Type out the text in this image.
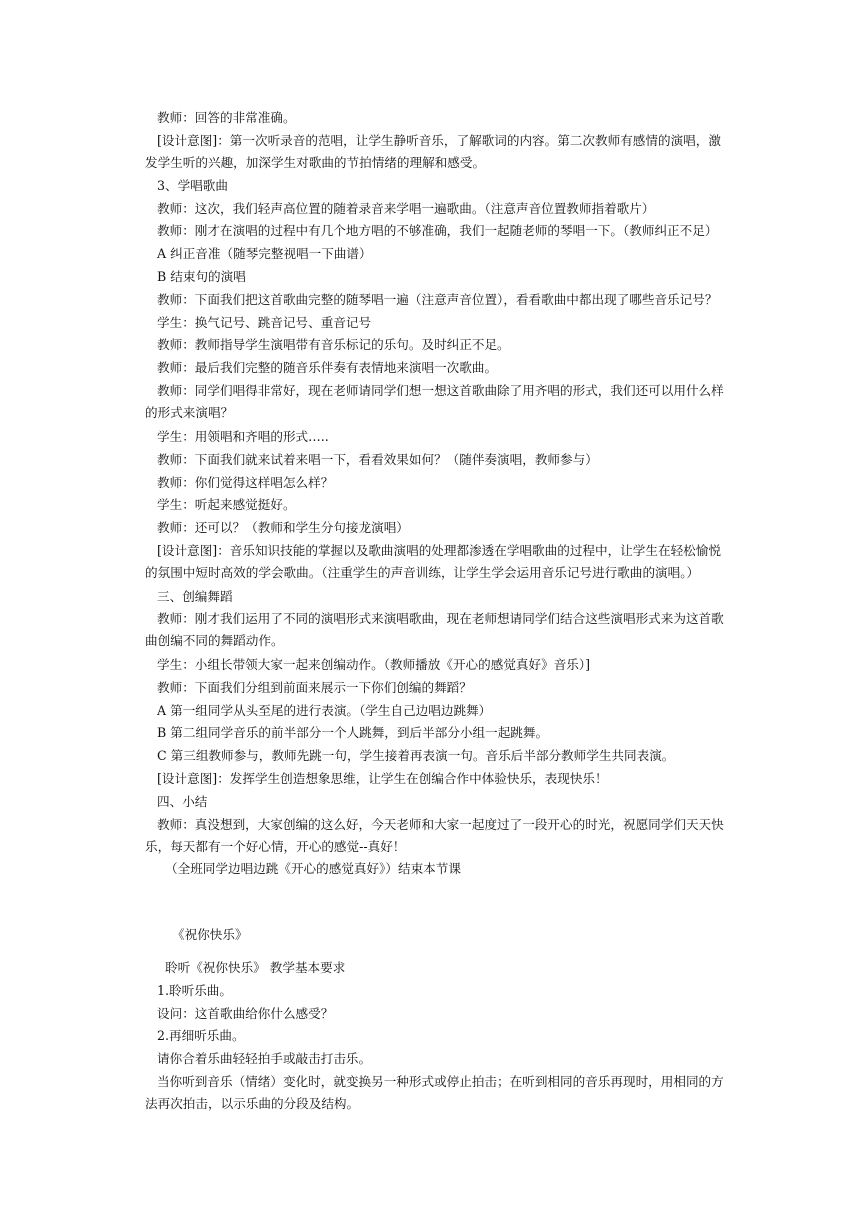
教师：回答的非常准确。
[设计意图]：第一次听录音的范唱，让学生静听音乐，了解歌词的内容。第二次教师有感情的演唱，激发学生听的兴趣，加深学生对歌曲的节拍情绪的理解和感受。
3、学唱歌曲
教师：这次，我们轻声高位置的随着录音来学唱一遍歌曲。（注意声音位置教师指着歌片）
教师：刚才在演唱的过程中有几个地方唱的不够准确，我们一起随老师的琴唱一下。（教师纠正不足）
A 纠正音准（随琴完整视唱一下曲谱）
B 结束句的演唱
教师：下面我们把这首歌曲完整的随琴唱一遍（注意声音位置），看看歌曲中都出现了哪些音乐记号？
学生：换气记号、跳音记号、重音记号
教师：教师指导学生演唱带有音乐标记的乐句。及时纠正不足。
教师：最后我们完整的随音乐伴奏有表情地来演唱一次歌曲。
教师：同学们唱得非常好，现在老师请同学们想一想这首歌曲除了用齐唱的形式，我们还可以用什么样的形式来演唱？
学生：用领唱和齐唱的形式…..
教师：下面我们就来试着来唱一下，看看效果如何？（随伴奏演唱，教师参与）
教师：你们觉得这样唱怎么样？
学生：听起来感觉挺好。
教师：还可以？（教师和学生分句接龙演唱）
[设计意图]：音乐知识技能的掌握以及歌曲演唱的处理都渗透在学唱歌曲的过程中，让学生在轻松愉悦的氛围中短时高效的学会歌曲。（注重学生的声音训练，让学生学会运用音乐记号进行歌曲的演唱。）
三、创编舞蹈
教师：刚才我们运用了不同的演唱形式来演唱歌曲，现在老师想请同学们结合这些演唱形式来为这首歌曲创编不同的舞蹈动作。
学生：小组长带领大家一起来创编动作。（教师播放《开心的感觉真好》音乐）]
教师：下面我们分组到前面来展示一下你们创编的舞蹈？
A 第一组同学从头至尾的进行表演。（学生自己边唱边跳舞）
B 第二组同学音乐的前半部分一个人跳舞，到后半部分小组一起跳舞。
C 第三组教师参与，教师先跳一句，学生接着再表演一句。音乐后半部分教师学生共同表演。
[设计意图]：发挥学生创造想象思维，让学生在创编合作中体验快乐，表现快乐！
四、小结
教师：真没想到，大家创编的这么好，今天老师和大家一起度过了一段开心的时光，祝愿同学们天天快乐，每天都有一个好心情，开心的感觉--真好！
（全班同学边唱边跳《开心的感觉真好》）结束本节课
《祝你快乐》
聆听《祝你快乐》 教学基本要求
1.聆听乐曲。
设问：这首歌曲给你什么感受？
2.再细听乐曲。
请你合着乐曲轻轻拍手或敲击打击乐。
当你听到音乐（情绪）变化时，就变换另一种形式或停止拍击；在听到相同的音乐再现时，用相同的方法再次拍击，以示乐曲的分段及结构。
